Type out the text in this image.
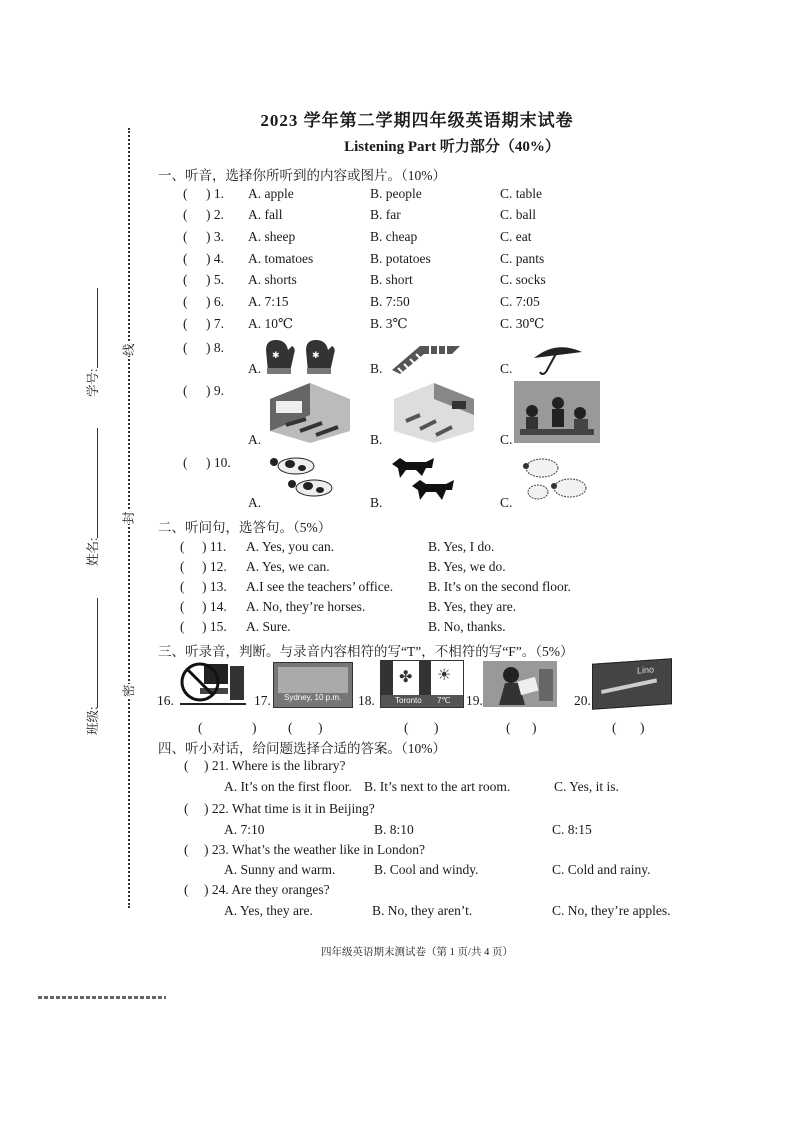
学号:
姓名:
班级:
线
封
密
2023 学年第二学期四年级英语期末试卷
Listening Part 听力部分（40%）
一、听音，选择你所听到的内容或图片。（10%）
( ) 1. A. apple	B. people	C. table
( ) 2. A. fall	B. far	C. ball
( ) 3. A. sheep	B. cheap	C. eat
( ) 4. A. tomatoes	B. potatoes	C. pants
( ) 5. A. shorts	B. short	C. socks
( ) 6. A. 7:15	B. 7:50	C. 7:05
( ) 7. A. 10℃	B. 3℃	C. 30℃
( ) 8.
A.	B.	C.
✱	✱
( ) 9.
A.	B.	C.
( ) 10.
A.	B.	C.
二、听问句，选答句。（5%）
( ) 11. A. Yes, you can.	B. Yes, I do.
( ) 12. A. Yes, we can.	B. Yes, we do.
( ) 13. A.I see the teachers’ office.	B. It’s on the second floor.
( ) 14. A. No, they’re horses.	B. Yes, they are.
( ) 15. A. Sure.	B. No, thanks.
三、听录音，判断。与录音内容相符的写“T”，不相符的写“F”。（5%）
16.	17. Sydney, 10 p.m. 18.
✤ ☀
Toronto 7℃ 19.	20.
Lino
(	) ( )	( )	( )	( )
四、听小对话，给问题选择合适的答案。（10%）
( ) 21. Where is the library?
A. It’s on the first floor. B. It’s next to the art room.	C. Yes, it is.
( ) 22. What time is it in Beijing?
A. 7:10	B. 8:10	C. 8:15
( ) 23. What’s the weather like in London?
A. Sunny and warm.	B. Cool and windy.	C. Cold and rainy.
( ) 24. Are they oranges?
A. Yes, they are.	B. No, they aren’t.	C. No, they’re apples.
四年级英语期末测试卷（第 1 页/共 4 页）
